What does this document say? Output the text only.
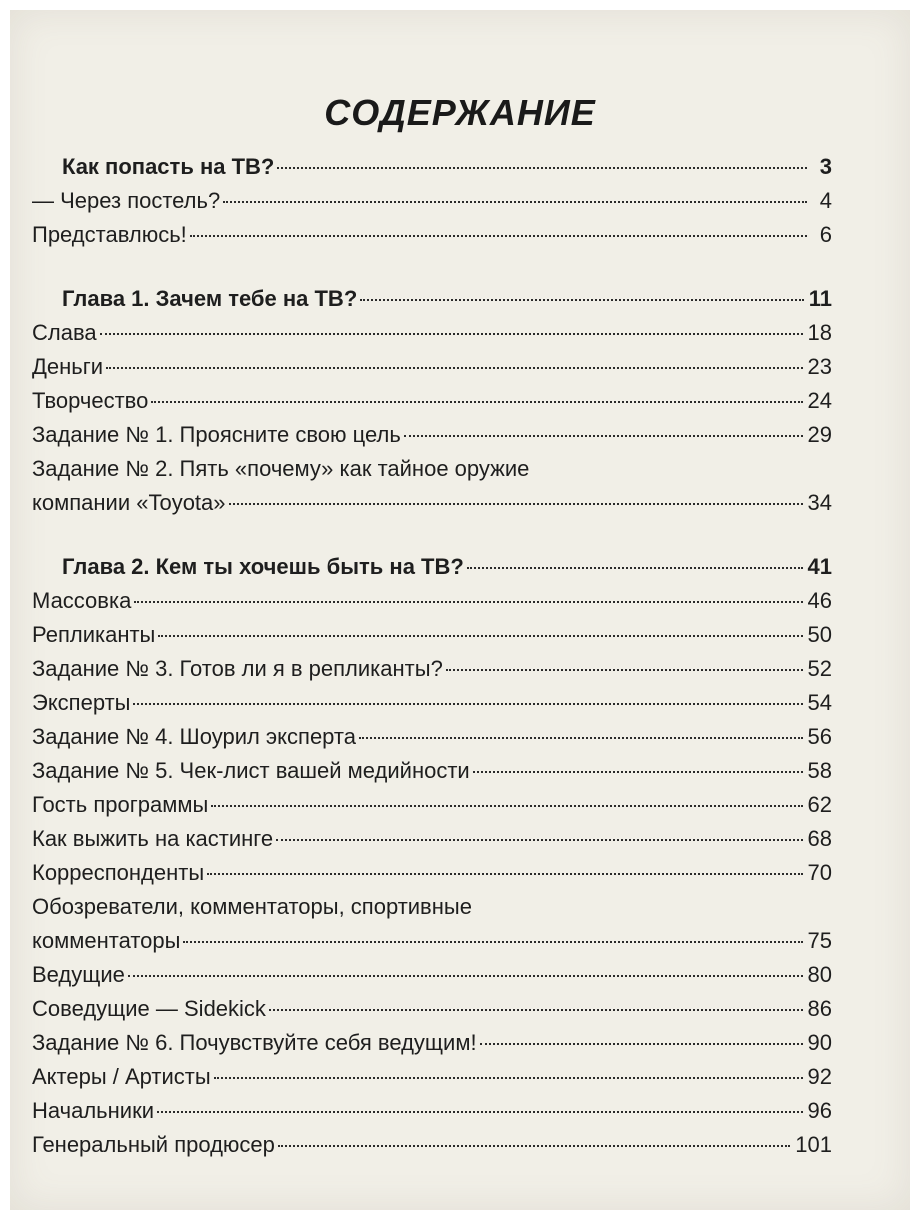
СОДЕРЖАНИЕ
Как попасть на ТВ?	3
— Через постель?	4
Представлюсь!	6
Глава 1. Зачем тебе на ТВ?	11
Слава	18
Деньги	23
Творчество	24
Задание № 1. Проясните свою цель	29
Задание № 2. Пять «почему» как тайное оружие
компании «Toyota»	34
Глава 2. Кем ты хочешь быть на ТВ?	41
Массовка	46
Репликанты	50
Задание № 3. Готов ли я в репликанты?	52
Эксперты	54
Задание № 4. Шоурил эксперта	56
Задание № 5. Чек-лист вашей медийности	58
Гость программы	62
Как выжить на кастинге	68
Корреспонденты	70
Обозреватели, комментаторы, спортивные
комментаторы	75
Ведущие	80
Соведущие — Sidekick	86
Задание № 6. Почувствуйте себя ведущим!	90
Актеры / Артисты	92
Начальники	96
Генеральный продюсер	101
